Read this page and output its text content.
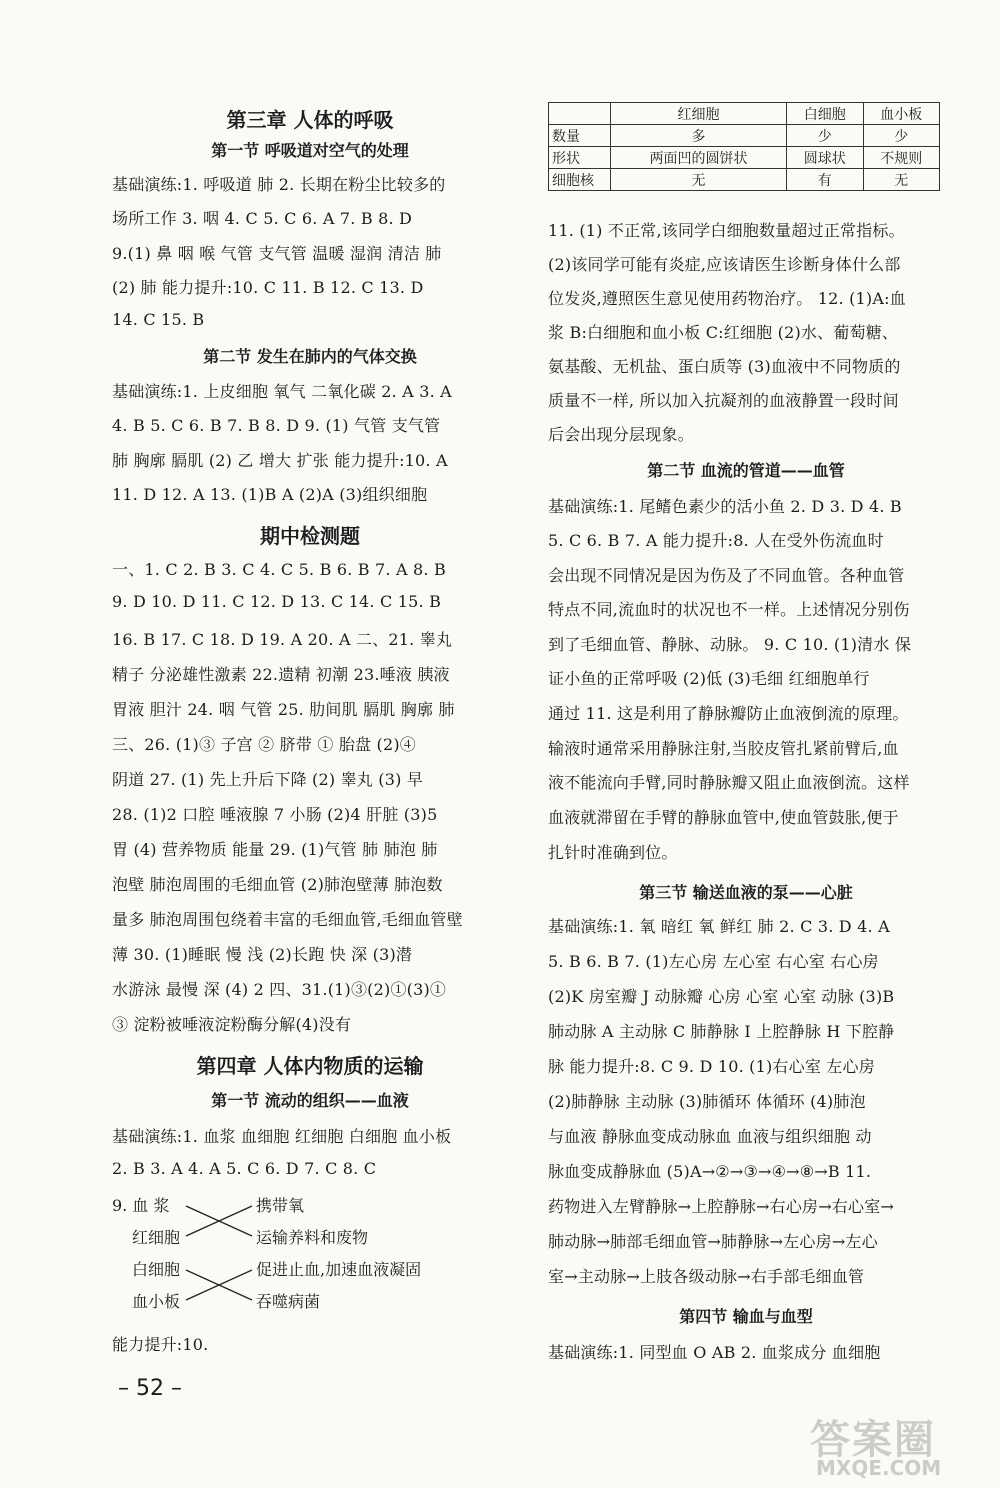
第三章 人体的呼吸
第一节 呼吸道对空气的处理
基础演练:1. 呼吸道 肺 2. 长期在粉尘比较多的
场所工作 3. 咽 4. C 5. C 6. A 7. B 8. D
9.(1) 鼻 咽 喉 气管 支气管 温暖 湿润 清洁 肺
(2) 肺 能力提升:10. C 11. B 12. C 13. D
14. C 15. B
第二节 发生在肺内的气体交换
基础演练:1. 上皮细胞 氧气 二氧化碳 2. A 3. A
4. B 5. C 6. B 7. B 8. D 9. (1) 气管 支气管
肺 胸廓 膈肌 (2) 乙 增大 扩张 能力提升:10. A
11. D 12. A 13. (1)B A (2)A (3)组织细胞
期中检测题
一、1. C 2. B 3. C 4. C 5. B 6. B 7. A 8. B
9. D 10. D 11. C 12. D 13. C 14. C 15. B
16. B 17. C 18. D 19. A 20. A 二、21. 睾丸
精子 分泌雄性激素 22.遗精 初潮 23.唾液 胰液
胃液 胆汁 24. 咽 气管 25. 肋间肌 膈肌 胸廓 肺
三、26. (1)③ 子宫 ② 脐带 ① 胎盘 (2)④
阴道 27. (1) 先上升后下降 (2) 睾丸 (3) 早
28. (1)2 口腔 唾液腺 7 小肠 (2)4 肝脏 (3)5
胃 (4) 营养物质 能量 29. (1)气管 肺 肺泡 肺
泡壁 肺泡周围的毛细血管 (2)肺泡壁薄 肺泡数
量多 肺泡周围包绕着丰富的毛细血管,毛细血管壁
薄 30. (1)睡眠 慢 浅 (2)长跑 快 深 (3)潜
水游泳 最慢 深 (4) 2 四、31.(1)③(2)①(3)①
③ 淀粉被唾液淀粉酶分解(4)没有
第四章 人体内物质的运输
第一节 流动的组织——血液
基础演练:1. 血浆 血细胞 红细胞 白细胞 血小板
2. B 3. A 4. A 5. C 6. D 7. C 8. C
9. 血 浆
红细胞
白细胞
血小板
携带氧
运输养料和废物
促进止血,加速血液凝固
吞噬病菌
能力提升:10.
	红细胞	白细胞	血小板
数量	多	少	少
形状	两面凹的圆饼状	圆球状	不规则
细胞核	无	有	无
11. (1) 不正常,该同学白细胞数量超过正常指标。
(2)该同学可能有炎症,应该请医生诊断身体什么部
位发炎,遵照医生意见使用药物治疗。 12. (1)A:血
浆 B:白细胞和血小板 C:红细胞 (2)水、葡萄糖、
氨基酸、无机盐、蛋白质等 (3)血液中不同物质的
质量不一样, 所以加入抗凝剂的血液静置一段时间
后会出现分层现象。
第二节 血流的管道——血管
基础演练:1. 尾鳍色素少的活小鱼 2. D 3. D 4. B
5. C 6. B 7. A 能力提升:8. 人在受外伤流血时
会出现不同情况是因为伤及了不同血管。各种血管
特点不同,流血时的状况也不一样。上述情况分别伤
到了毛细血管、静脉、动脉。 9. C 10. (1)清水 保
证小鱼的正常呼吸 (2)低 (3)毛细 红细胞单行
通过 11. 这是利用了静脉瓣防止血液倒流的原理。
输液时通常采用静脉注射,当胶皮管扎紧前臂后,血
液不能流向手臂,同时静脉瓣又阻止血液倒流。这样
血液就滞留在手臂的静脉血管中,使血管鼓胀,便于
扎针时准确到位。
第三节 输送血液的泵——心脏
基础演练:1. 氧 暗红 氧 鲜红 肺 2. C 3. D 4. A
5. B 6. B 7. (1)左心房 左心室 右心室 右心房
(2)K 房室瓣 J 动脉瓣 心房 心室 心室 动脉 (3)B
肺动脉 A 主动脉 C 肺静脉 I 上腔静脉 H 下腔静
脉 能力提升:8. C 9. D 10. (1)右心室 左心房
(2)肺静脉 主动脉 (3)肺循环 体循环 (4)肺泡
与血液 静脉血变成动脉血 血液与组织细胞 动
脉血变成静脉血 (5)A→②→③→④→⑧→B 11.
药物进入左臂静脉→上腔静脉→右心房→右心室→
肺动脉→肺部毛细血管→肺静脉→左心房→左心
室→主动脉→上肢各级动脉→右手部毛细血管
第四节 输血与血型
基础演练:1. 同型血 O AB 2. 血浆成分 血细胞
– 52 –
答案圈
MXQE.COM
